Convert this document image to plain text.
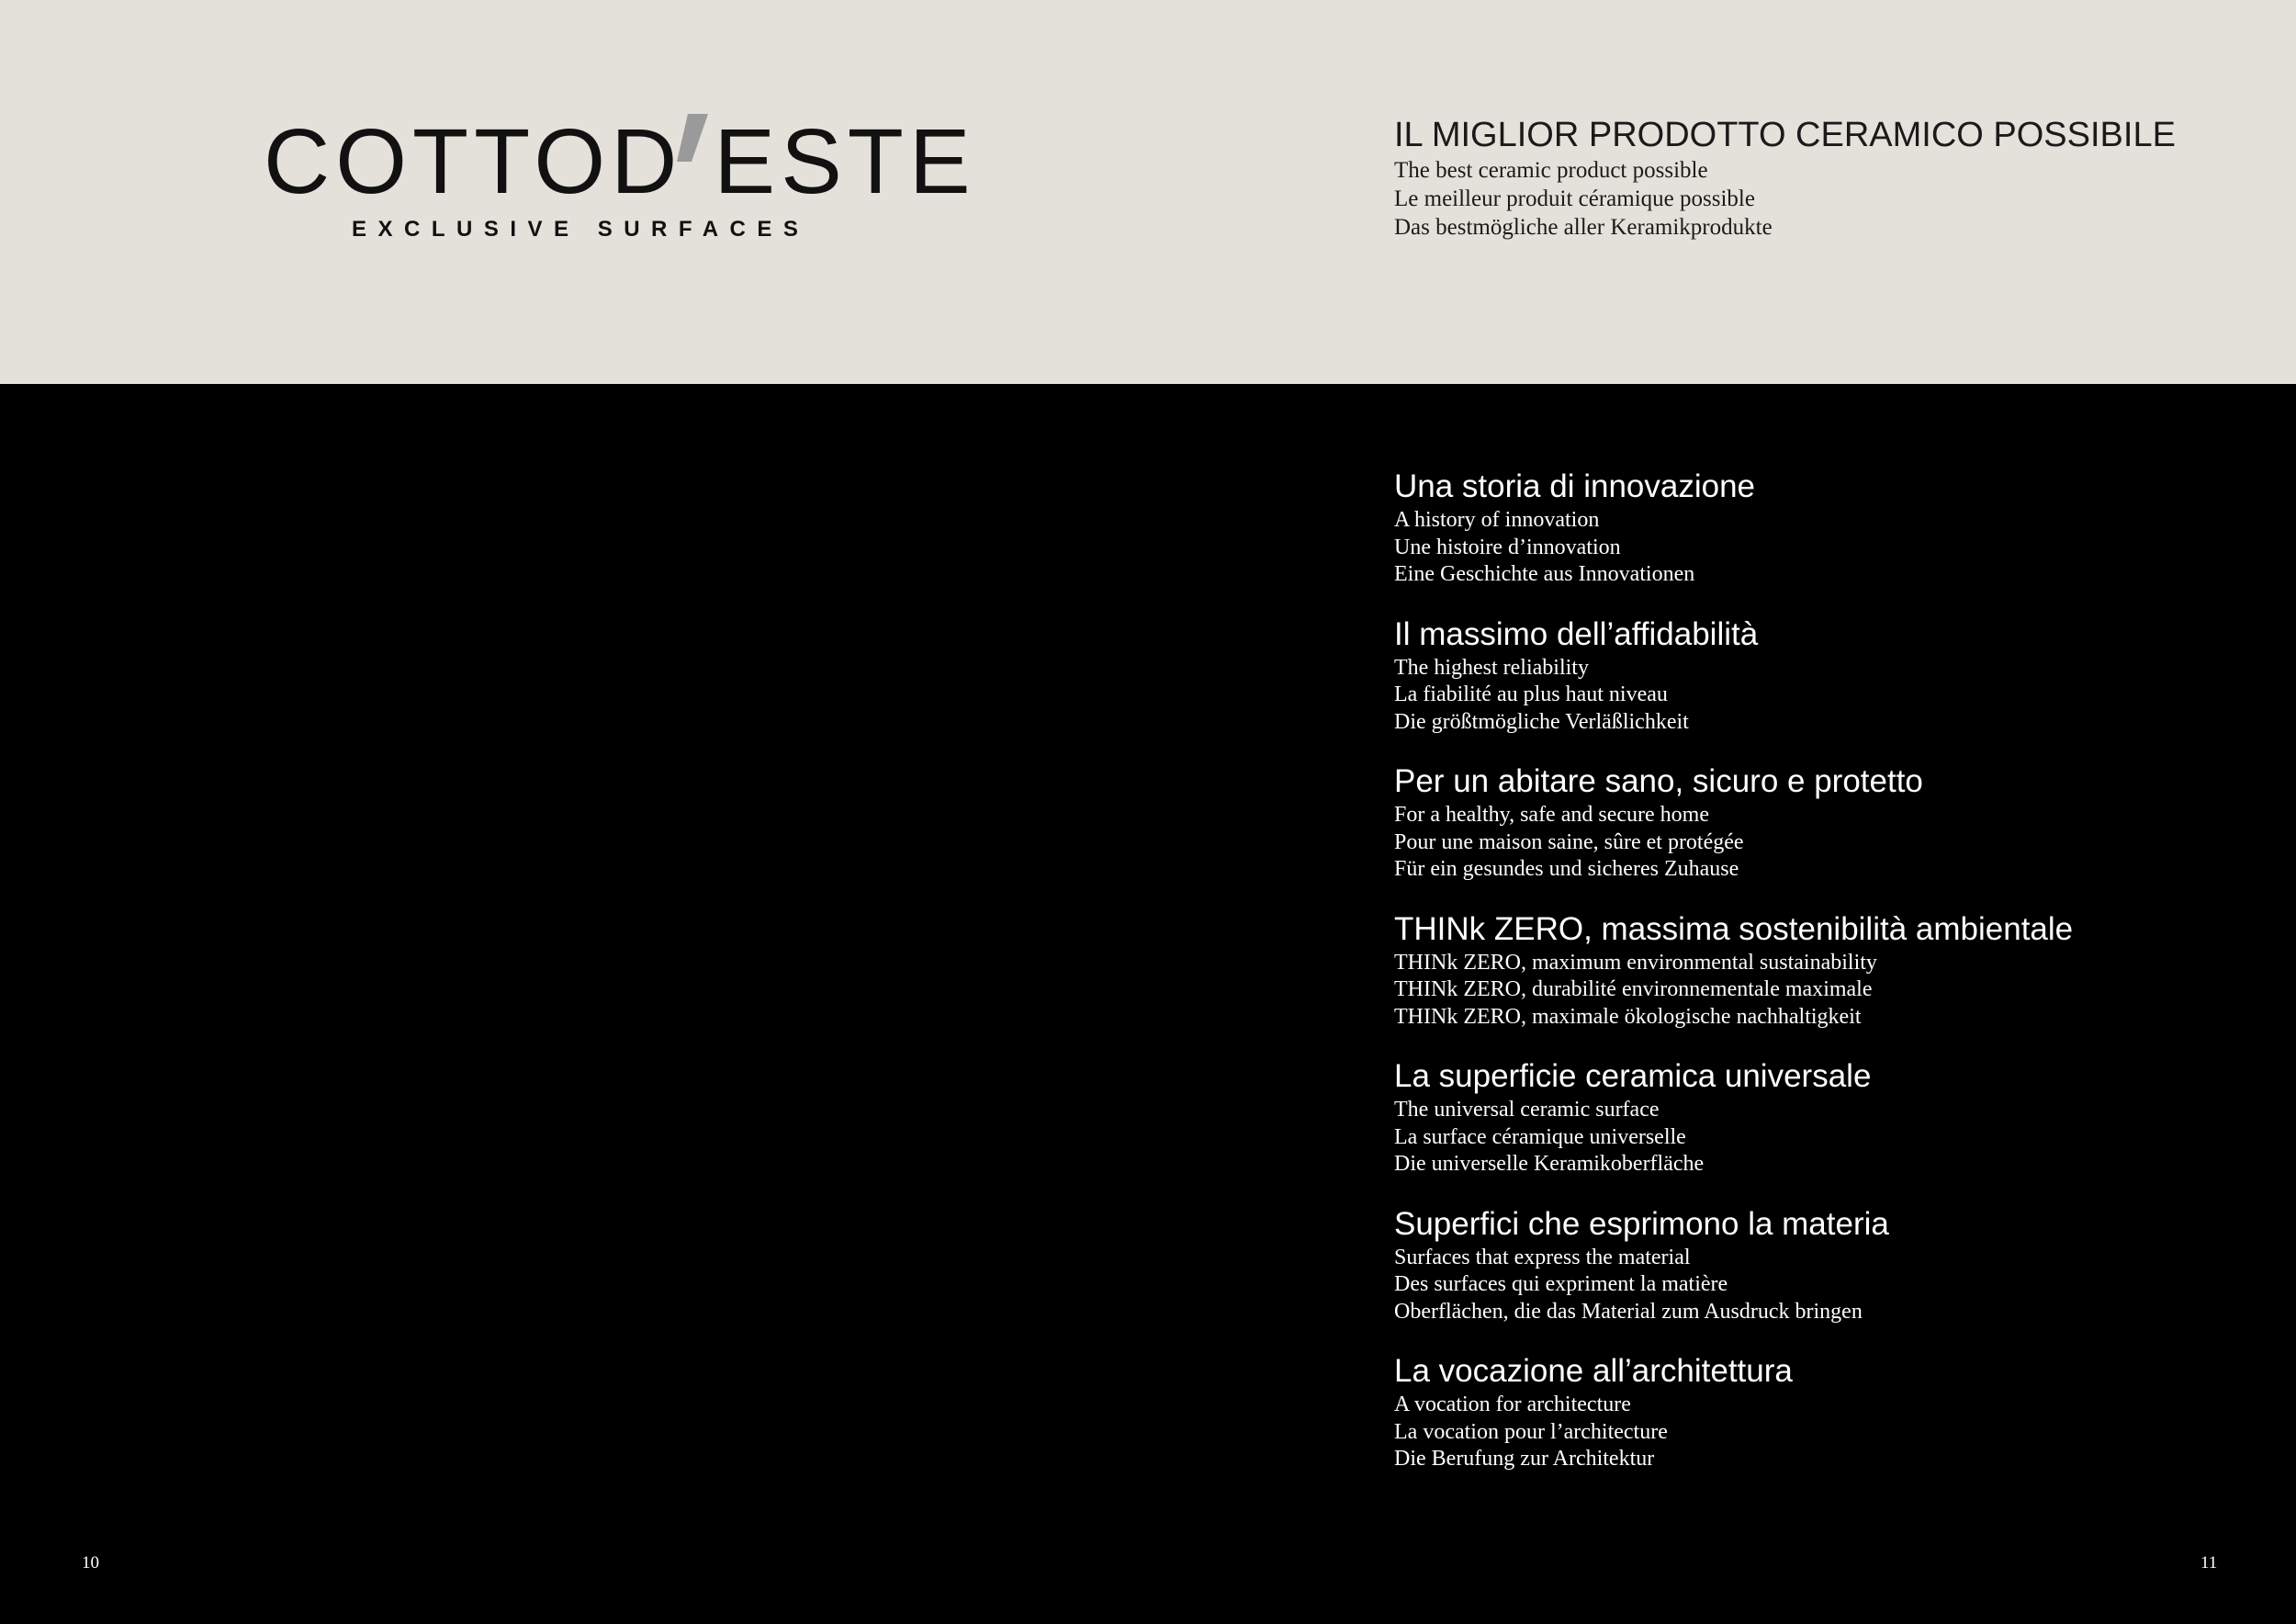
COTTOD ESTE
EXCLUSIVE SURFACES
IL MIGLIOR PRODOTTO CERAMICO POSSIBILE
The best ceramic product possible
Le meilleur produit céramique possible
Das bestmögliche aller Keramikprodukte
Una storia di innovazione
A history of innovation
Une histoire d’innovation
Eine Geschichte aus Innovationen
Il massimo dell’affidabilità
The highest reliability
La fiabilité au plus haut niveau
Die größtmögliche Verläßlichkeit
Per un abitare sano, sicuro e protetto
For a healthy, safe and secure home
Pour une maison saine, sûre et protégée
Für ein gesundes und sicheres Zuhause
THINk ZERO, massima sostenibilità ambientale
THINk ZERO, maximum environmental sustainability
THINk ZERO, durabilité environnementale maximale
THINk ZERO, maximale ökologische nachhaltigkeit
La superficie ceramica universale
The universal ceramic surface
La surface céramique universelle
Die universelle Keramikoberfläche
Superfici che esprimono la materia
Surfaces that express the material
Des surfaces qui expriment la matière
Oberflächen, die das Material zum Ausdruck bringen
La vocazione all’architettura
A vocation for architecture
La vocation pour l’architecture
Die Berufung zur Architektur
10	11
